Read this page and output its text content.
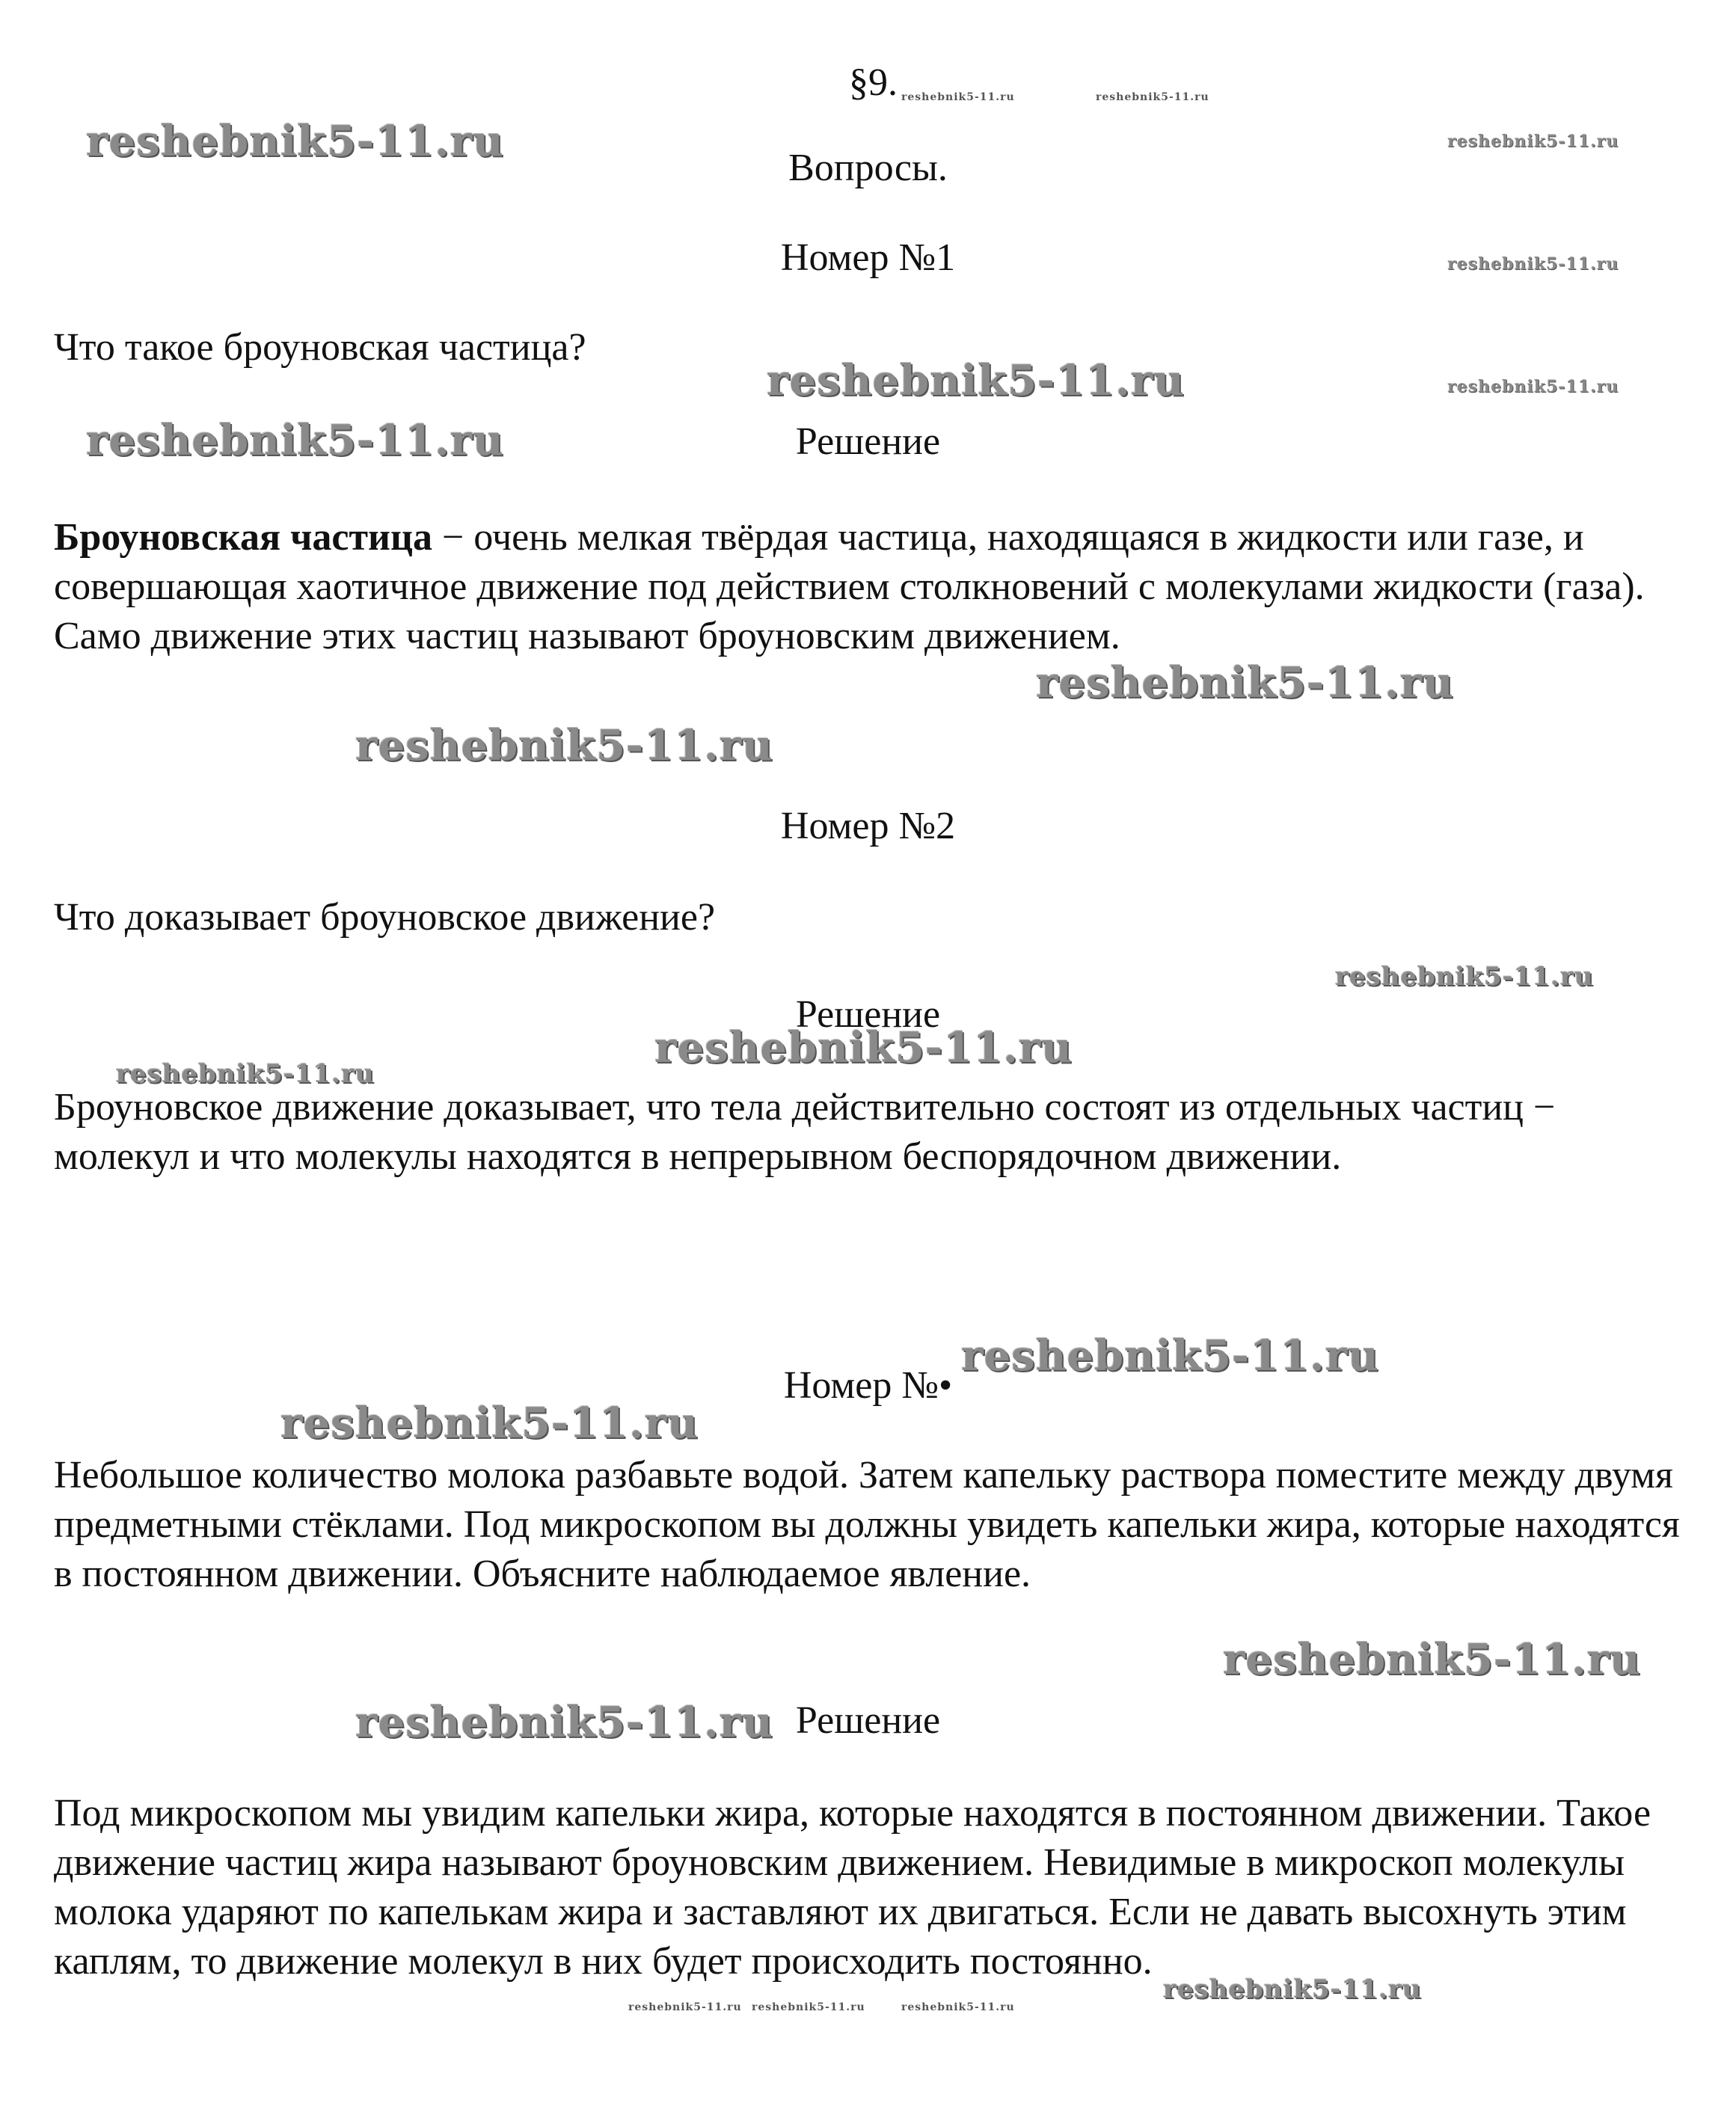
§9.
Вопросы.
Номер №1
Что такое броуновская частица?
Решение
Броуновская частица − очень мелкая твёрдая частица, находящаяся в жидкости или газе, и совершающая хаотичное движение под действием столкновений с молекулами жидкости (газа). Само движение этих частиц называют броуновским движением.
Номер №2
Что доказывает броуновское движение?
Решение
Броуновское движение доказывает, что тела действительно состоят из отдельных частиц − молекул и что молекулы находятся в непрерывном беспорядочном движении.
Номер №•
Небольшое количество молока разбавьте водой. Затем капельку раствора поместите между двумя предметными стёклами. Под микроскопом вы должны увидеть капельки жира, которые находятся в постоянном движении. Объясните наблюдаемое явление.
Решение
Под микроскопом мы увидим капельки жира, которые находятся в постоянном движении. Такое движение частиц жира называют броуновским движением. Невидимые в микроскоп молекулы молока ударяют по капелькам жира и заставляют их двигаться. Если не давать высохнуть этим каплям, то движение молекул в них будет происходить постоянно.
reshebnik5-11.ru	reshebnik5-11.ru
reshebnik5-11.ru	reshebnik5-11.ru
reshebnik5-11.ru
reshebnik5-11.ru	reshebnik5-11.ru
reshebnik5-11.ru
reshebnik5-11.ru
reshebnik5-11.ru
reshebnik5-11.ru
reshebnik5-11.ru
reshebnik5-11.ru
reshebnik5-11.ru
reshebnik5-11.ru
reshebnik5-11.ru
reshebnik5-11.ru
reshebnik5-11.ru
reshebnik5-11.ru reshebnik5-11.ru	reshebnik5-11.ru
